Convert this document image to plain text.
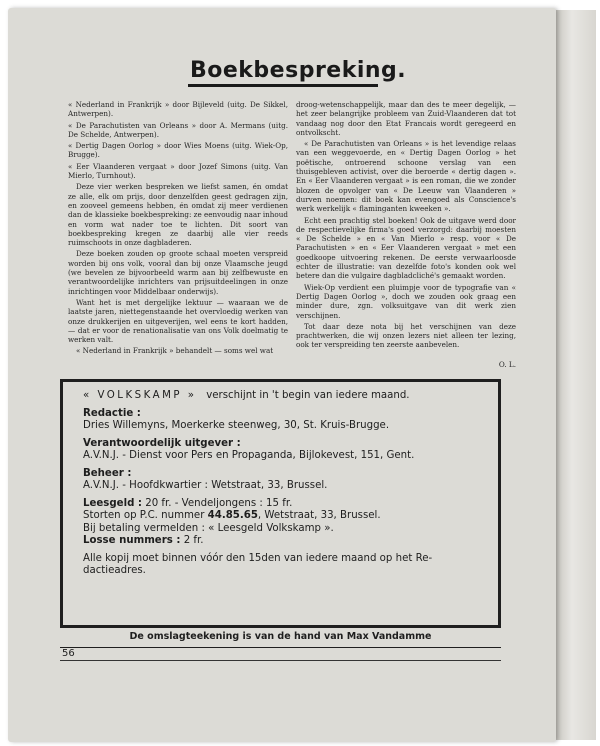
Boekbespreking.

« Nederland in Frankrijk » door Bijleveld (uitg. De Sikkel, Antwerpen).

« De Parachutisten van Orleans » door A. Mermans (uitg. De Schelde, Antwerpen).

« Dertig Dagen Oorlog » door Wies Moens (uitg. Wiek-Op, Brugge).

« Eer Vlaanderen vergaat » door Jozef Simons (uitg. Van Mierlo, Turnhout).

Deze vier werken bespreken we liefst samen, én omdat ze alle, elk om prijs, door denzelfden geest gedragen zijn, en zooveel gemeens hebben, én omdat zij meer verdienen dan de klassieke boekbespreking: ze eenvoudig naar inhoud en vorm wat nader toe te lichten. Dit soort van boekbespreking kregen ze daarbij alle vier reeds ruimschoots in onze dagbladeren.

Deze boeken zouden op groote schaal moeten verspreid worden bij ons volk, vooral dan bij onze Vlaamsche jeugd (we bevelen ze bijvoorbeeld warm aan bij zelfbewuste en verantwoordelijke inrichters van prijsuitdeelingen in onze inrichtingen voor Middelbaar onderwijs).

Want het is met dergelijke lektuur — waaraan we de laatste jaren, niettegenstaande het overvloedig werken van onze drukkerijen en uitgeverijen, wel eens te kort hadden, — dat er voor de renationalisatie van ons Volk doelmatig te werken valt.

« Nederland in Frankrijk » behandelt — soms wel wat

droog-wetenschappelijk, maar dan des te meer degelijk, — het zeer belangrijke probleem van Zuid-Vlaanderen dat tot vandaag nog door den Etat Francais wordt geregeerd en ontvolkscht.

« De Parachutisten van Orleans » is het levendige relaas van een weggevoerde, en « Dertig Dagen Oorlog » het poëtische, ontroerend schoone verslag van een thuisgebleven activist, over die beroerde « dertig dagen ». En « Eer Vlaanderen vergaat » is een roman, die we zonder blozen de opvolger van « De Leeuw van Vlaanderen » durven noemen: dit boek kan evengoed als Conscience's werk werkelijk « flaminganten kweeken ».

Echt een prachtig stel boeken! Ook de uitgave werd door de respectievelijke firma's goed verzorgd: daarbij moesten « De Schelde » en « Van Mierlo » resp. voor « De Parachutisten » en « Eer Vlaanderen vergaat » met een goedkoope uitvoering rekenen. De eerste verwaarloosde echter de illustratie: van dezelfde foto's konden ook wel betere dan die vulgaire dagbladcliché's gemaakt worden.

Wiek-Op verdient een pluimpje voor de typografie van « Dertig Dagen Oorlog », doch we zouden ook graag een minder dure, zgn. volksuitgave van dit werk zien verschijnen.

Tot daar deze nota bij het verschijnen van deze prachtwerken, die wij onzen lezers niet alleen ter lezing, ook ter verspreiding ten zeerste aanbevelen.

O. L.

« VOLKSKAMP » verschijnt in 't begin van iedere maand.
Redactie :
Dries Willemyns, Moerkerke steenweg, 30, St. Kruis-Brugge.
Verantwoordelijk uitgever :
A.V.N.J. - Dienst voor Pers en Propaganda, Bijlokevest, 151, Gent.
Beheer :
A.V.N.J. - Hoofdkwartier : Wetstraat, 33, Brussel.
Leesgeld : 20 fr. - Vendeljongens : 15 fr.
Storten op P.C. nummer 44.85.65, Wetstraat, 33, Brussel.
Bij betaling vermelden : « Leesgeld Volkskamp ».
Losse nummers : 2 fr.
Alle kopij moet binnen vóór den 15den van iedere maand op het Re-
dactieadres.
De omslagteekening is van de hand van Max Vandamme
56
